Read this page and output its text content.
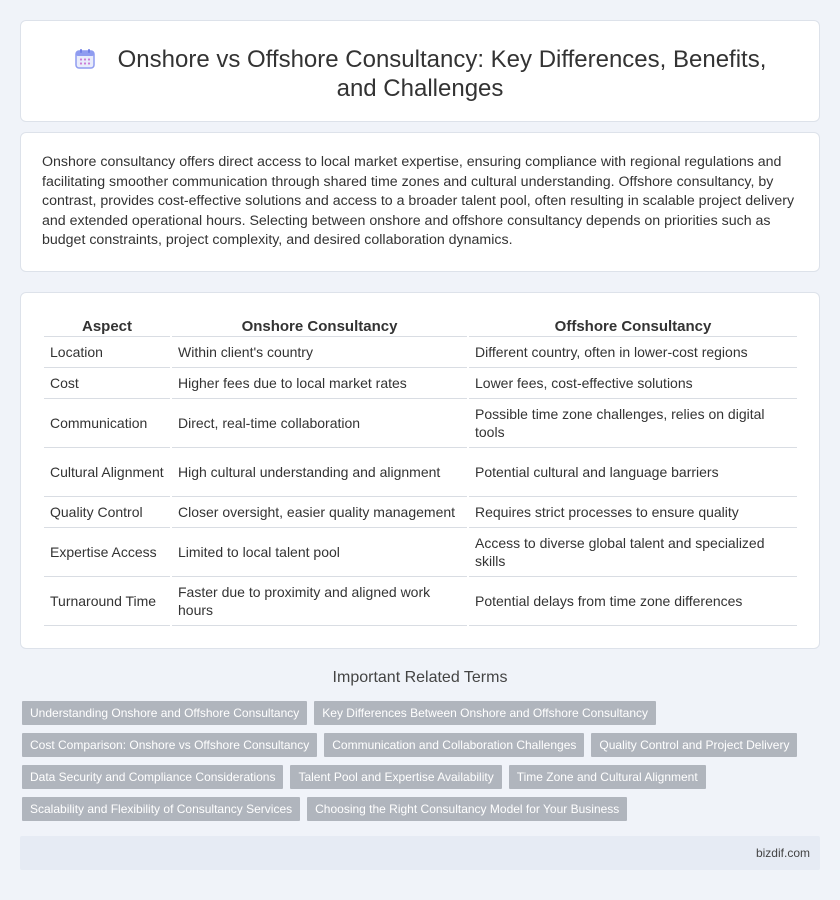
Onshore vs Offshore Consultancy: Key Differences, Benefits, and Challenges

Onshore consultancy offers direct access to local market expertise, ensuring compliance with regional regulations and facilitating smoother communication through shared time zones and cultural understanding. Offshore consultancy, by contrast, provides cost-effective solutions and access to a broader talent pool, often resulting in scalable project delivery and extended operational hours. Selecting between onshore and offshore consultancy depends on priorities such as budget constraints, project complexity, and desired collaboration dynamics.

Aspect	Onshore Consultancy	Offshore Consultancy
Location	Within client's country	Different country, often in lower-cost regions
Cost	Higher fees due to local market rates	Lower fees, cost-effective solutions
Communication	Direct, real-time collaboration	Possible time zone challenges, relies on digital tools
Cultural Alignment	High cultural understanding and alignment	Potential cultural and language barriers
Quality Control	Closer oversight, easier quality management	Requires strict processes to ensure quality
Expertise Access	Limited to local talent pool	Access to diverse global talent and specialized skills
Turnaround Time	Faster due to proximity and aligned work hours	Potential delays from time zone differences
Important Related Terms
Understanding Onshore and Offshore Consultancy	Key Differences Between Onshore and Offshore Consultancy
Cost Comparison: Onshore vs Offshore Consultancy	Communication and Collaboration Challenges	Quality Control and Project Delivery
Data Security and Compliance Considerations	Talent Pool and Expertise Availability	Time Zone and Cultural Alignment
Scalability and Flexibility of Consultancy Services	Choosing the Right Consultancy Model for Your Business
bizdif.com
